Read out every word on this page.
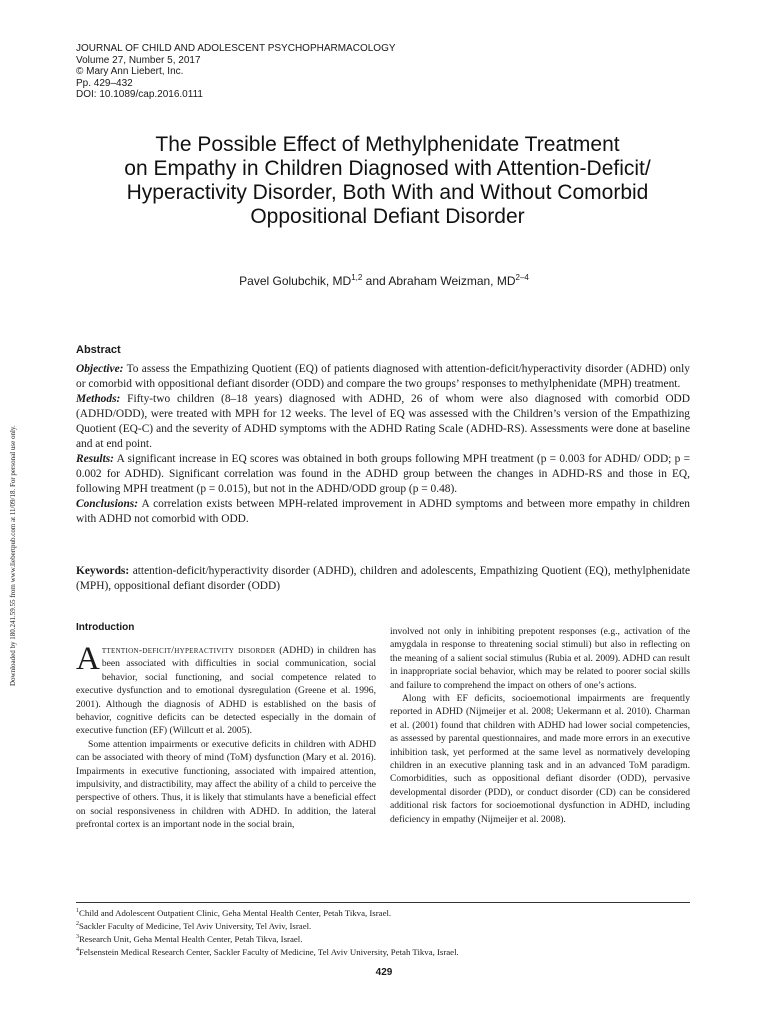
JOURNAL OF CHILD AND ADOLESCENT PSYCHOPHARMACOLOGY
Volume 27, Number 5, 2017
© Mary Ann Liebert, Inc.
Pp. 429–432
DOI: 10.1089/cap.2016.0111
The Possible Effect of Methylphenidate Treatment
on Empathy in Children Diagnosed with Attention-Deficit/
Hyperactivity Disorder, Both With and Without Comorbid
Oppositional Defiant Disorder
Pavel Golubchik, MD$^{1,2}$ and Abraham Weizman, MD$^{2-4}$
Downloaded by 180.241.59.55 from www.liebertpub.com at 11/09/18. For personal use only.
Abstract

Objective: To assess the Empathizing Quotient (EQ) of patients diagnosed with attention-deficit/hyperactivity disorder (ADHD) only or comorbid with oppositional defiant disorder (ODD) and compare the two groups’ responses to methylphenidate (MPH) treatment.

Methods: Fifty-two children (8–18 years) diagnosed with ADHD, 26 of whom were also diagnosed with comorbid ODD (ADHD/ODD), were treated with MPH for 12 weeks. The level of EQ was assessed with the Children’s version of the Empathizing Quotient (EQ-C) and the severity of ADHD symptoms with the ADHD Rating Scale (ADHD-RS). Assessments were done at baseline and at end point.

Results: A significant increase in EQ scores was obtained in both groups following MPH treatment (p = 0.003 for ADHD/ ODD; p = 0.002 for ADHD). Significant correlation was found in the ADHD group between the changes in ADHD-RS and those in EQ, following MPH treatment (p = 0.015), but not in the ADHD/ODD group (p = 0.48).

Conclusions: A correlation exists between MPH-related improvement in ADHD symptoms and between more empathy in children with ADHD not comorbid with ODD.

Keywords: attention-deficit/hyperactivity disorder (ADHD), children and adolescents, Empathizing Quotient (EQ), methylphenidate (MPH), oppositional defiant disorder (ODD)
Introduction

Attention-deficit/hyperactivity disorder (ADHD) in children has been associated with difficulties in social communication, social behavior, social functioning, and social competence related to executive dysfunction and to emotional dysregulation (Greene et al. 1996, 2001). Although the diagnosis of ADHD is established on the basis of behavior, cognitive deficits can be detected especially in the domain of executive function (EF) (Willcutt et al. 2005).

Some attention impairments or executive deficits in children with ADHD can be associated with theory of mind (ToM) dysfunction (Mary et al. 2016). Impairments in executive functioning, associated with impaired attention, impulsivity, and distractibility, may affect the ability of a child to perceive the perspective of others. Thus, it is likely that stimulants have a beneficial effect on social responsiveness in children with ADHD. In addition, the lateral prefrontal cortex is an important node in the social brain,

involved not only in inhibiting prepotent responses (e.g., activation of the amygdala in response to threatening social stimuli) but also in reflecting on the meaning of a salient social stimulus (Rubia et al. 2009). ADHD can result in inappropriate social behavior, which may be related to poorer social skills and failure to comprehend the impact on others of one’s actions.

Along with EF deficits, socioemotional impairments are frequently reported in ADHD (Nijmeijer et al. 2008; Uekermann et al. 2010). Charman et al. (2001) found that children with ADHD had lower social competencies, as assessed by parental questionnaires, and made more errors in an executive inhibition task, yet performed at the same level as normatively developing children in an executive planning task and in an advanced ToM paradigm. Comorbidities, such as oppositional defiant disorder (ODD), pervasive developmental disorder (PDD), or conduct disorder (CD) can be considered additional risk factors for socioemotional dysfunction in ADHD, including deficiency in empathy (Nijmeijer et al. 2008).

$^1$Child and Adolescent Outpatient Clinic, Geha Mental Health Center, Petah Tikva, Israel.
$^2$Sackler Faculty of Medicine, Tel Aviv University, Tel Aviv, Israel.
$^3$Research Unit, Geha Mental Health Center, Petah Tikva, Israel.
$^4$Felsenstein Medical Research Center, Sackler Faculty of Medicine, Tel Aviv University, Petah Tikva, Israel.
429
